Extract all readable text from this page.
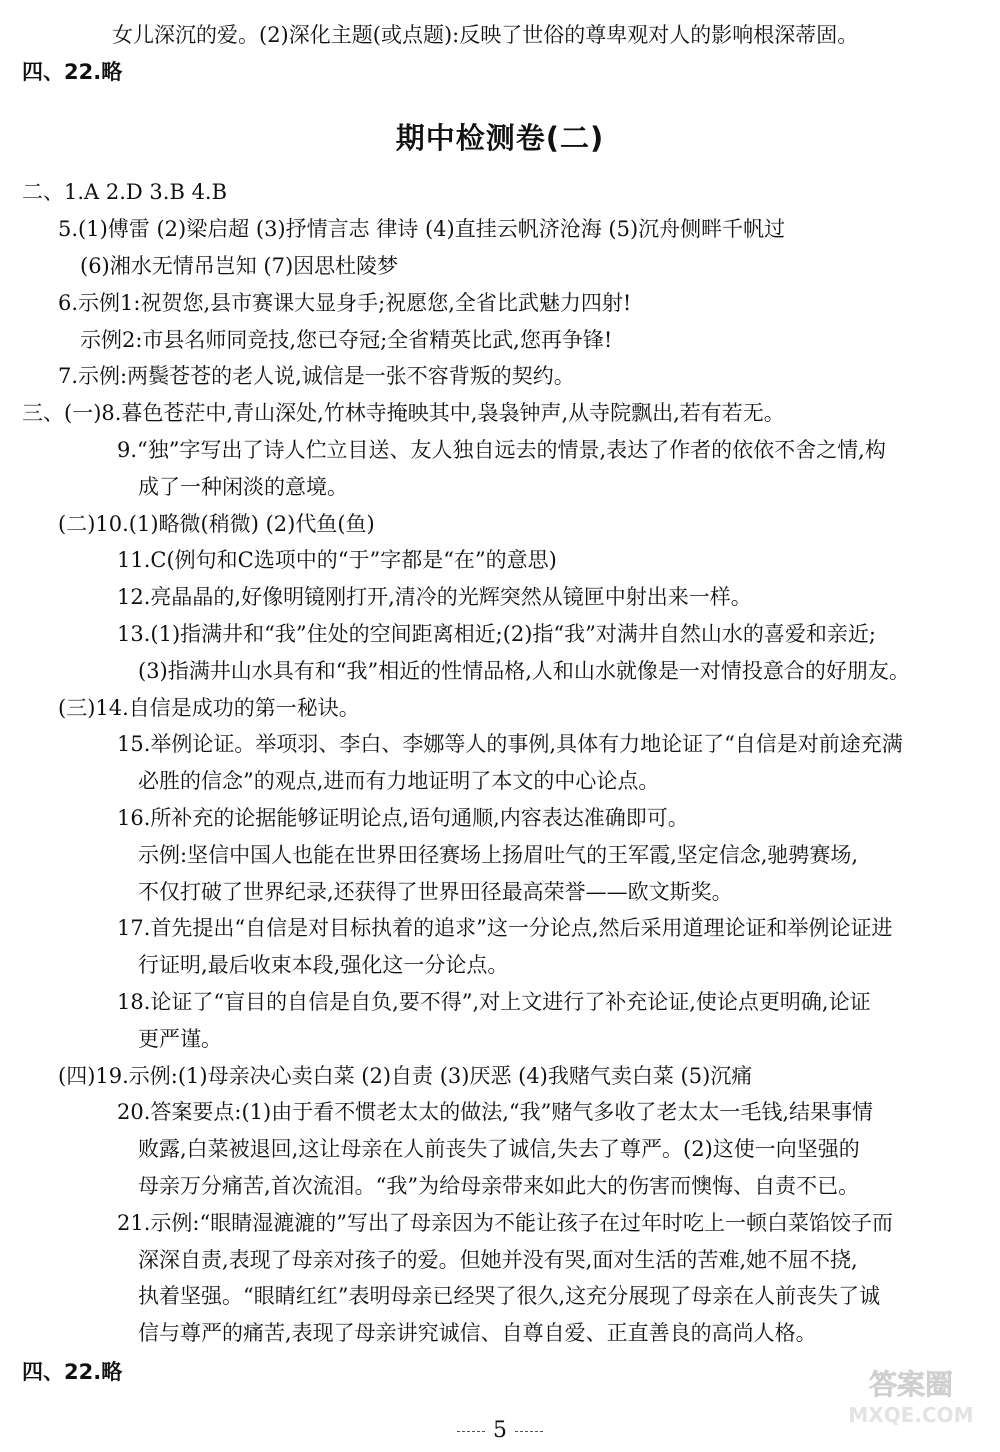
女儿深沉的爱。(2)深化主题(或点题):反映了世俗的尊卑观对人的影响根深蒂固。
四、22.略
期中检测卷(二)
二、1.A 2.D 3.B 4.B
5.(1)傅雷 (2)梁启超 (3)抒情言志 律诗 (4)直挂云帆济沧海 (5)沉舟侧畔千帆过
(6)湘水无情吊岂知 (7)因思杜陵梦
6.示例1:祝贺您,县市赛课大显身手;祝愿您,全省比武魅力四射!
示例2:市县名师同竞技,您已夺冠;全省精英比武,您再争锋!
7.示例:两鬓苍苍的老人说,诚信是一张不容背叛的契约。
三、(一)8.暮色苍茫中,青山深处,竹林寺掩映其中,袅袅钟声,从寺院飘出,若有若无。
9.“独”字写出了诗人伫立目送、友人独自远去的情景,表达了作者的依依不舍之情,构
成了一种闲淡的意境。
(二)10.(1)略微(稍微) (2)代鱼(鱼)
11.C(例句和C选项中的“于”字都是“在”的意思)
12.亮晶晶的,好像明镜刚打开,清冷的光辉突然从镜匣中射出来一样。
13.(1)指满井和“我”住处的空间距离相近;(2)指“我”对满井自然山水的喜爱和亲近;
(3)指满井山水具有和“我”相近的性情品格,人和山水就像是一对情投意合的好朋友。
(三)14.自信是成功的第一秘诀。
15.举例论证。举项羽、李白、李娜等人的事例,具体有力地论证了“自信是对前途充满
必胜的信念”的观点,进而有力地证明了本文的中心论点。
16.所补充的论据能够证明论点,语句通顺,内容表达准确即可。
示例:坚信中国人也能在世界田径赛场上扬眉吐气的王军霞,坚定信念,驰骋赛场,
不仅打破了世界纪录,还获得了世界田径最高荣誉——欧文斯奖。
17.首先提出“自信是对目标执着的追求”这一分论点,然后采用道理论证和举例论证进
行证明,最后收束本段,强化这一分论点。
18.论证了“盲目的自信是自负,要不得”,对上文进行了补充论证,使论点更明确,论证
更严谨。
(四)19.示例:(1)母亲决心卖白菜 (2)自责 (3)厌恶 (4)我赌气卖白菜 (5)沉痛
20.答案要点:(1)由于看不惯老太太的做法,“我”赌气多收了老太太一毛钱,结果事情
败露,白菜被退回,这让母亲在人前丧失了诚信,失去了尊严。(2)这使一向坚强的
母亲万分痛苦,首次流泪。“我”为给母亲带来如此大的伤害而懊悔、自责不已。
21.示例:“眼睛湿漉漉的”写出了母亲因为不能让孩子在过年时吃上一顿白菜馅饺子而
深深自责,表现了母亲对孩子的爱。但她并没有哭,面对生活的苦难,她不屈不挠,
执着坚强。“眼睛红红”表明母亲已经哭了很久,这充分展现了母亲在人前丧失了诚
信与尊严的痛苦,表现了母亲讲究诚信、自尊自爱、正直善良的高尚人格。
四、22.略
5
答案圈
MXQE.COM
